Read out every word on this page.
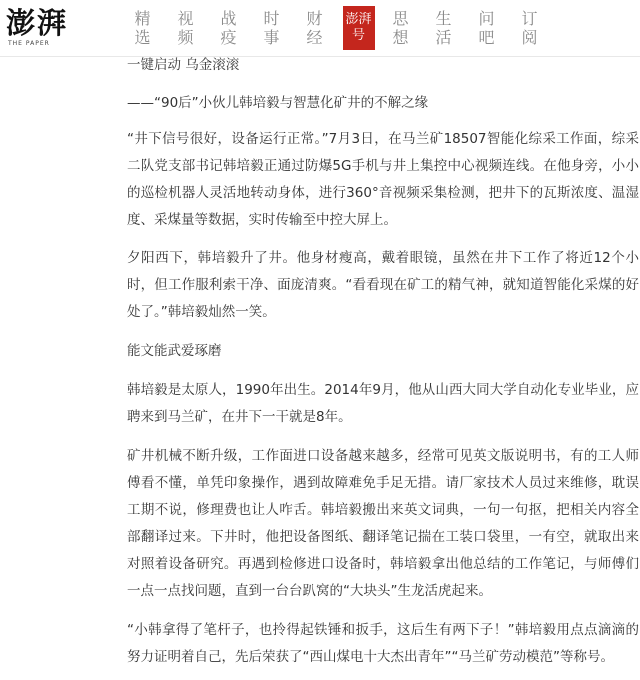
澎湃
THE PAPER
精选
视频
战疫
时事
财经
澎湃号
思想
生活
问吧
订阅

一键启动 乌金滚滚

——“90后”小伙儿韩培毅与智慧化矿井的不解之缘

“井下信号很好，设备运行正常。”7月3日，在马兰矿18507智能化综采工作面，综采二队党支部书记韩培毅正通过防爆5G手机与井上集控中心视频连线。在他身旁，小小的巡检机器人灵活地转动身体，进行360°音视频采集检测，把井下的瓦斯浓度、温湿度、采煤量等数据，实时传输至中控大屏上。

夕阳西下，韩培毅升了井。他身材瘦高，戴着眼镜，虽然在井下工作了将近12个小时，但工作服利索干净、面庞清爽。“看看现在矿工的精气神，就知道智能化采煤的好处了。”韩培毅灿然一笑。

能文能武爱琢磨

韩培毅是太原人，1990年出生。2014年9月，他从山西大同大学自动化专业毕业，应聘来到马兰矿，在井下一干就是8年。

矿井机械不断升级，工作面进口设备越来越多，经常可见英文版说明书，有的工人师傅看不懂，单凭印象操作，遇到故障难免手足无措。请厂家技术人员过来维修，耽误工期不说，修理费也让人咋舌。韩培毅搬出来英文词典，一句一句抠，把相关内容全部翻译过来。下井时，他把设备图纸、翻译笔记揣在工装口袋里，一有空，就取出来对照着设备研究。再遇到检修进口设备时，韩培毅拿出他总结的工作笔记，与师傅们一点一点找问题，直到一台台趴窝的“大块头”生龙活虎起来。

“小韩拿得了笔杆子，也拎得起铁锤和扳手，这后生有两下子！”韩培毅用点点滴滴的努力证明着自己，先后荣获了“西山煤电十大杰出青年”“马兰矿劳动模范”等称号。
